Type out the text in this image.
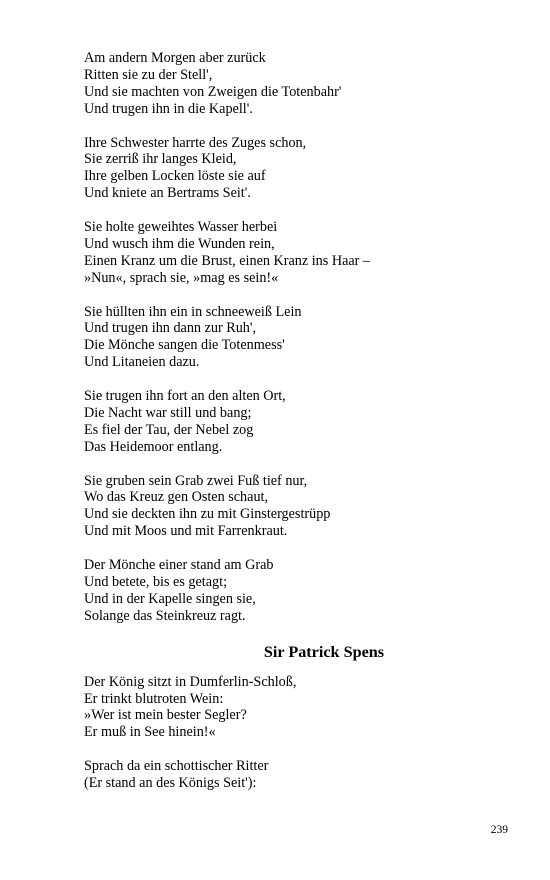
Am andern Morgen aber zurück
Ritten sie zu der Stell',
Und sie machten von Zweigen die Totenbahr'
Und trugen ihn in die Kapell'.
Ihre Schwester harrte des Zuges schon,
Sie zerriß ihr langes Kleid,
Ihre gelben Locken löste sie auf
Und kniete an Bertrams Seit'.
Sie holte geweihtes Wasser herbei
Und wusch ihm die Wunden rein,
Einen Kranz um die Brust, einen Kranz ins Haar –
»Nun«, sprach sie, »mag es sein!«
Sie hüllten ihn ein in schneeweiß Lein
Und trugen ihn dann zur Ruh',
Die Mönche sangen die Totenmess'
Und Litaneien dazu.
Sie trugen ihn fort an den alten Ort,
Die Nacht war still und bang;
Es fiel der Tau, der Nebel zog
Das Heidemoor entlang.
Sie gruben sein Grab zwei Fuß tief nur,
Wo das Kreuz gen Osten schaut,
Und sie deckten ihn zu mit Ginstergestrüpp
Und mit Moos und mit Farrenkraut.
Der Mönche einer stand am Grab
Und betete, bis es getagt;
Und in der Kapelle singen sie,
Solange das Steinkreuz ragt.
Sir Patrick Spens
Der König sitzt in Dumferlin-Schloß,
Er trinkt blutroten Wein:
»Wer ist mein bester Segler?
Er muß in See hinein!«
Sprach da ein schottischer Ritter
(Er stand an des Königs Seit'):
239
